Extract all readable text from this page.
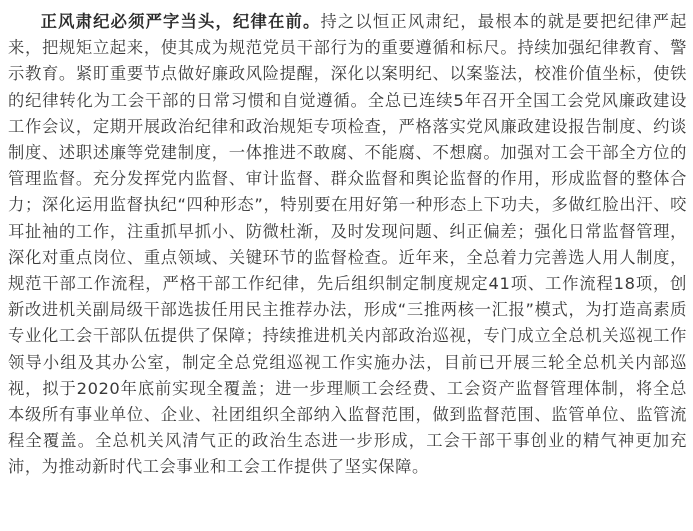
正风肃纪必须严字当头，纪律在前。持之以恒正风肃纪，最根本的就是要把纪律严起来，把规矩立起来，使其成为规范党员干部行为的重要遵循和标尺。持续加强纪律教育、警示教育。紧盯重要节点做好廉政风险提醒，深化以案明纪、以案鉴法，校准价值坐标，使铁的纪律转化为工会干部的日常习惯和自觉遵循。全总已连续5年召开全国工会党风廉政建设工作会议，定期开展政治纪律和政治规矩专项检查，严格落实党风廉政建设报告制度、约谈制度、述职述廉等党建制度，一体推进不敢腐、不能腐、不想腐。加强对工会干部全方位的管理监督。充分发挥党内监督、审计监督、群众监督和舆论监督的作用，形成监督的整体合力；深化运用监督执纪“四种形态”，特别要在用好第一种形态上下功夫，多做红脸出汗、咬耳扯袖的工作，注重抓早抓小、防微杜渐，及时发现问题、纠正偏差；强化日常监督管理，深化对重点岗位、重点领域、关键环节的监督检查。近年来，全总着力完善选人用人制度，规范干部工作流程，严格干部工作纪律，先后组织制定制度规定41项、工作流程18项，创新改进机关副局级干部选拔任用民主推荐办法，形成“三推两核一汇报”模式，为打造高素质专业化工会干部队伍提供了保障；持续推进机关内部政治巡视，专门成立全总机关巡视工作领导小组及其办公室，制定全总党组巡视工作实施办法，目前已开展三轮全总机关内部巡视，拟于2020年底前实现全覆盖；进一步理顺工会经费、工会资产监督管理体制，将全总本级所有事业单位、企业、社团组织全部纳入监督范围，做到监督范围、监管单位、监管流程全覆盖。全总机关风清气正的政治生态进一步形成，工会干部干事创业的精气神更加充沛，为推动新时代工会事业和工会工作提供了坚实保障。
